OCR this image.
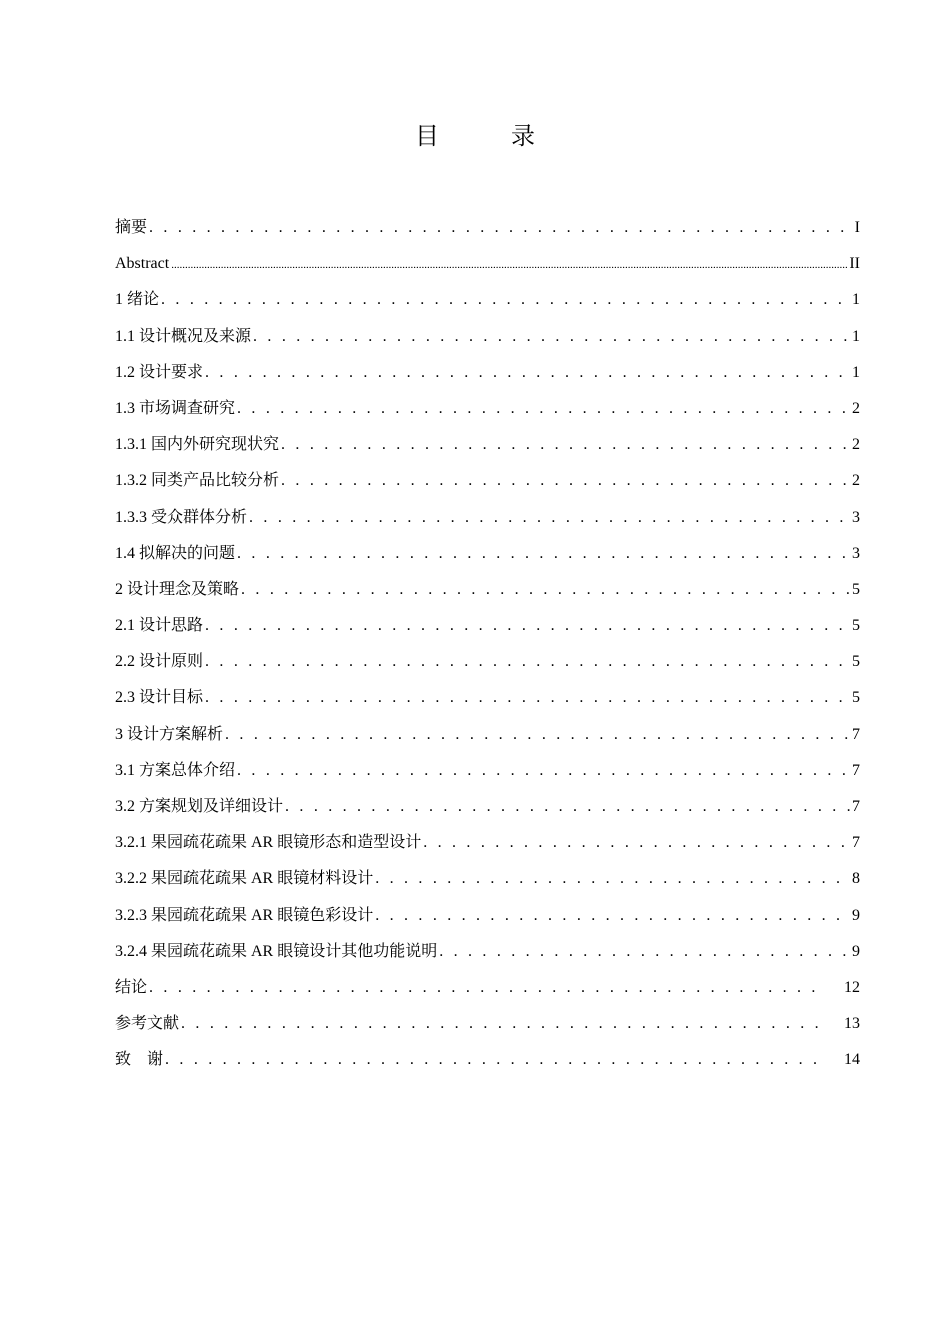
目　录
摘要 . . .	I
Abstract .....	II
1 绪论 . . .	1
1.1 设计概况及来源 . . .	1
1.2 设计要求 . . .	1
1.3 市场调查研究 . . .	2
1.3.1 国内外研究现状究 . . .	2
1.3.2 同类产品比较分析 . . .	2
1.3.3 受众群体分析 . . .	3
1.4 拟解决的问题 . . .	3
2 设计理念及策略 . . .	5
2.1 设计思路 . . .	5
2.2 设计原则 . . .	5
2.3 设计目标 . . .	5
3 设计方案解析 . . .	7
3.1 方案总体介绍 . . .	7
3.2 方案规划及详细设计 . . .	7
3.2.1 果园疏花疏果 AR 眼镜形态和造型设计 . . .	7
3.2.2 果园疏花疏果 AR 眼镜材料设计 . . .	8
3.2.3 果园疏花疏果 AR 眼镜色彩设计 . . .	9
3.2.4 果园疏花疏果 AR 眼镜设计其他功能说明 . . .	9
结论 . . .	12
参考文献 . . .	13
致　谢 . . .	14
